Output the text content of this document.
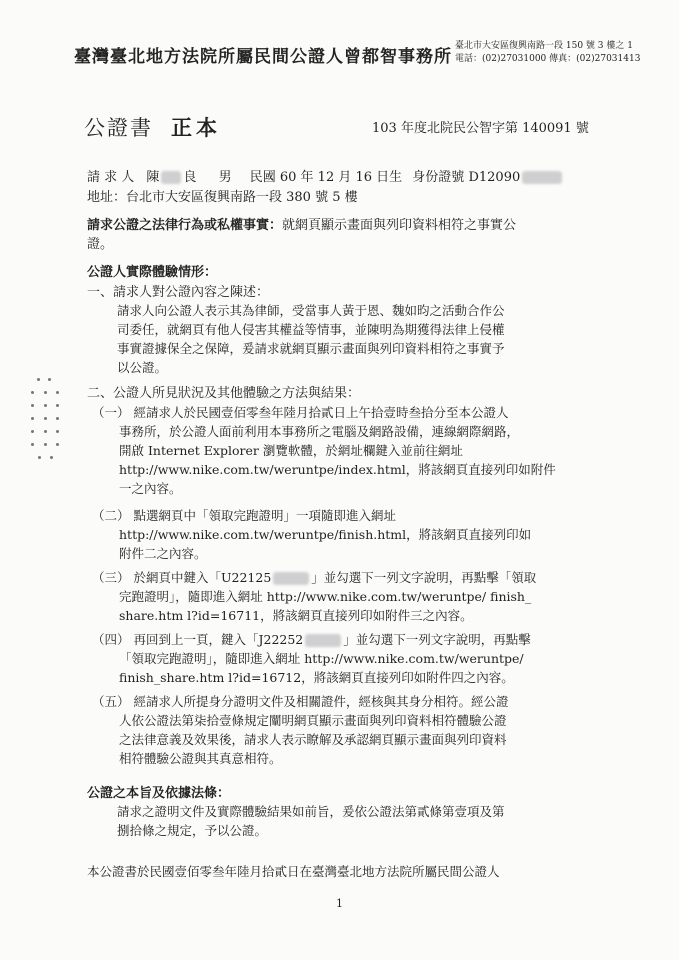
臺灣臺北地方法院所屬民間公證人曾都智事務所
臺北市大安區復興南路一段 150 號 3 樓之 1
電話：(02)27031000 傳真：(02)27031413
公證書 正本	103 年度北院民公智字第 140091 號
請 求 人 陳 良 男 民國 60 年 12 月 16 日生 身份證號 D12090
地址：台北市大安區復興南路一段 380 號 5 樓
請求公證之法律行為或私權事實：就網頁顯示畫面與列印資料相符之事實公
證。
公證人實際體驗情形：
一、請求人對公證內容之陳述：
請求人向公證人表示其為律師，受當事人黃于恩、魏如昀之活動合作公
司委任，就網頁有他人侵害其權益等情事，並陳明為期獲得法律上侵權
事實證據保全之保障，爰請求就網頁顯示畫面與列印資料相符之事實予
以公證。
二、公證人所見狀況及其他體驗之方法與結果：
（一） 經請求人於民國壹佰零叁年陸月拾貳日上午拾壹時叁拾分至本公證人
事務所，於公證人面前利用本事務所之電腦及網路設備，連線網際網路，
開啟 Internet Explorer 瀏覽軟體，於網址欄鍵入並前往網址
http://www.nike.com.tw/weruntpe/index.html，將該網頁直接列印如附件
一之內容。
（二） 點選網頁中「領取完跑證明」一項隨即進入網址
http://www.nike.com.tw/weruntpe/finish.html，將該網頁直接列印如
附件二之內容。
（三） 於網頁中鍵入「U22125	」並勾選下一列文字說明，再點擊「領取
完跑證明」，隨即進入網址 http://www.nike.com.tw/weruntpe/ finish_
share.htm l?id=16711，將該網頁直接列印如附件三之內容。
（四） 再回到上一頁，鍵入「J22252	」並勾選下一列文字說明，再點擊
「領取完跑證明」，隨即進入網址 http://www.nike.com.tw/weruntpe/
finish_share.htm l?id=16712，將該網頁直接列印如附件四之內容。
（五） 經請求人所提身分證明文件及相關證件，經核與其身分相符。經公證
人依公證法第柒拾壹條規定闡明網頁顯示畫面與列印資料相符體驗公證
之法律意義及效果後，請求人表示瞭解及承認網頁顯示畫面與列印資料
相符體驗公證與其真意相符。
公證之本旨及依據法條：
請求之證明文件及實際體驗結果如前旨，爰依公證法第貳條第壹項及第
捌拾條之規定，予以公證。
本公證書於民國壹佰零叁年陸月拾貳日在臺灣臺北地方法院所屬民間公證人
1
